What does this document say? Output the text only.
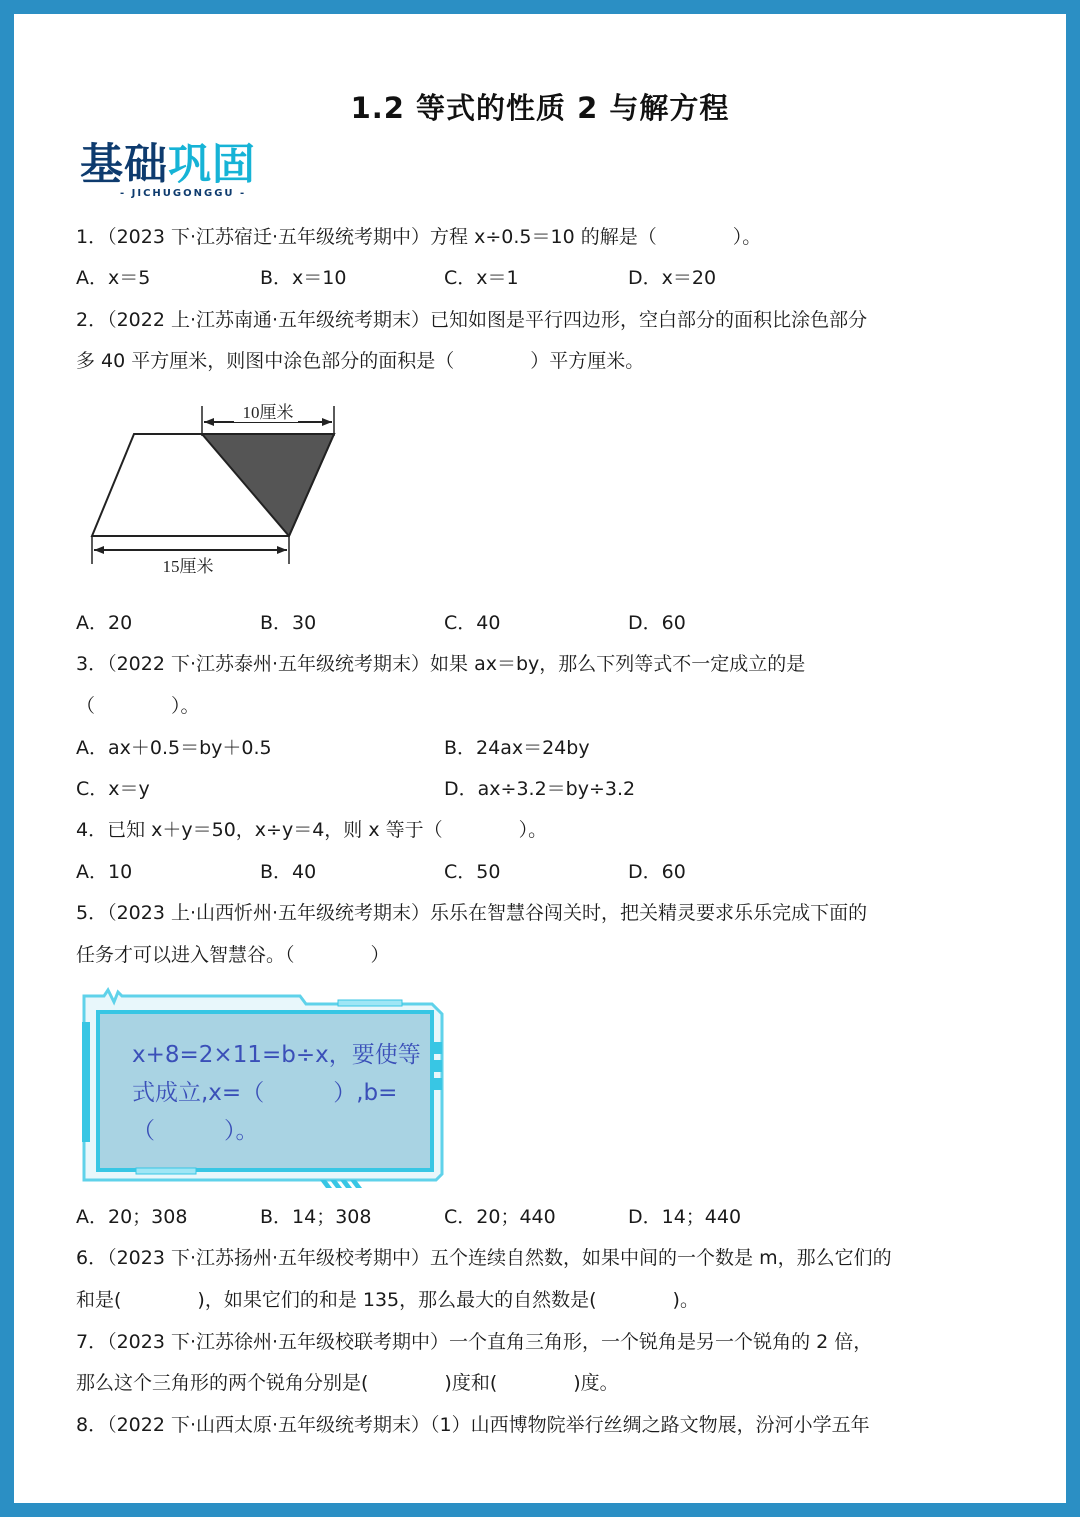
1.2 等式的性质 2 与解方程
基础巩固
- JICHUGONGGU -
1．（2023 下·江苏宿迁·五年级统考期中）方程 x÷0.5＝10 的解是（　　　　）。
A．x＝5	B．x＝10	C．x＝1	D．x＝20
2．（2022 上·江苏南通·五年级统考期末）已知如图是平行四边形，空白部分的面积比涂色部分
多 40 平方厘米，则图中涂色部分的面积是（　　　　）平方厘米。
10厘米
15厘米
A．20	B．30	C．40	D．60
3．（2022 下·江苏泰州·五年级统考期末）如果 ax＝by，那么下列等式不一定成立的是
（　　　　）。
A．ax＋0.5＝by＋0.5	B．24ax＝24by
C．x＝y	D．ax÷3.2＝by÷3.2
4．已知 x＋y＝50，x÷y＝4，则 x 等于（　　　　）。
A．10	B．40	C．50	D．60
5．（2023 上·山西忻州·五年级统考期末）乐乐在智慧谷闯关时，把关精灵要求乐乐完成下面的
任务才可以进入智慧谷。（　　　　）
x+8=2×11=b÷x，要使等
式成立,x=（　　　）,b=
（　　　）。
A．20；308	B．14；308	C．20；440	D．14；440
6．（2023 下·江苏扬州·五年级校考期中）五个连续自然数，如果中间的一个数是 m，那么它们的
和是(　　　　)，如果它们的和是 135，那么最大的自然数是(　　　　)。
7．（2023 下·江苏徐州·五年级校联考期中）一个直角三角形，一个锐角是另一个锐角的 2 倍，
那么这个三角形的两个锐角分别是(　　　　)度和(　　　　)度。
8．（2022 下·山西太原·五年级统考期末）（1）山西博物院举行丝绸之路文物展，汾河小学五年
